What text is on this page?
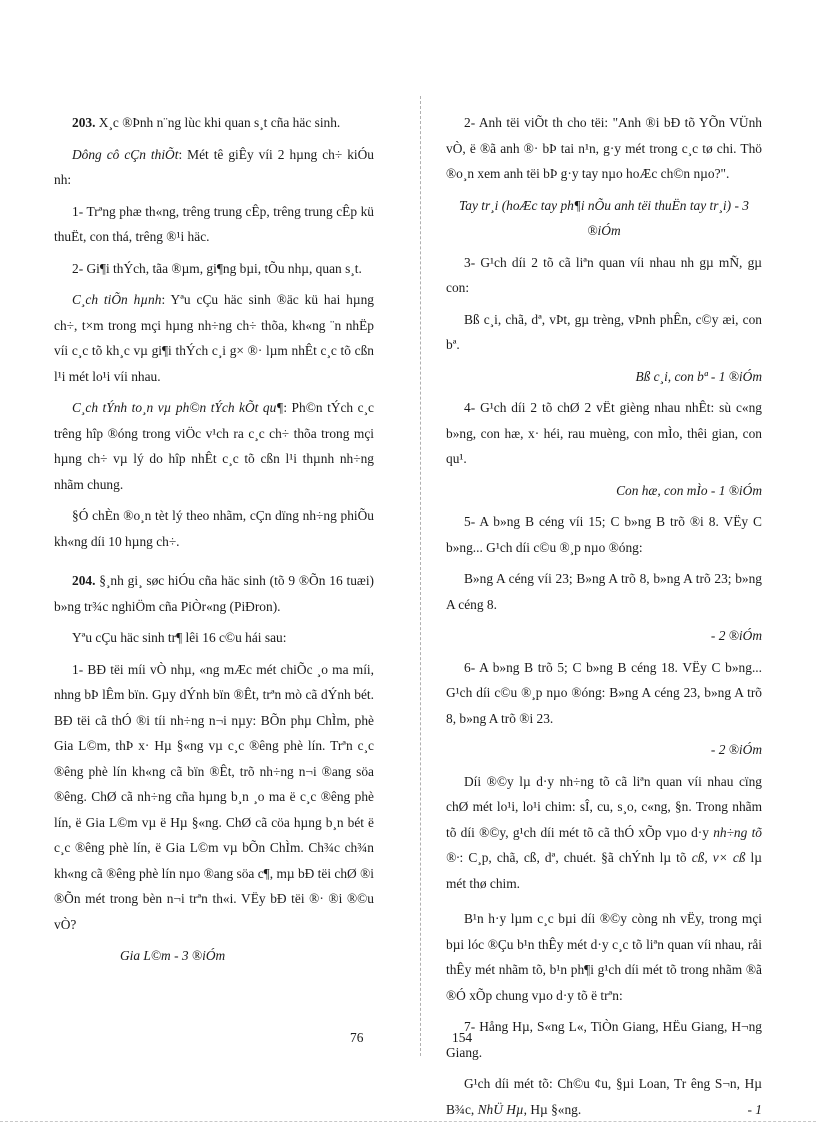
203. X¸c ®Þnh n¨ng lùc khi quan s¸t cña häc sinh.

Dông cô cÇn thiÕt: Mét tê giÊy víi 2 hµng ch÷ kiÓu nh:

1- Trªng phæ th«ng, trêng trung cÊp, trêng trung cÊp kü thuËt, con thá, trêng ®¹i häc.

2- Gi¶i thÝch, tãa ®µm, gi¶ng bµi, tÕu nhµ, quan s¸t.

C¸ch tiÕn hµnh: Yªu cÇu häc sinh ®äc kü hai hµng ch÷, t×m trong mçi hµng nh÷ng ch÷ thõa, kh«ng ¨n nhËp víi c¸c tõ kh¸c vµ gi¶i thÝch c¸i g× ®· lµm nhÊt c¸c tõ cßn l¹i mét lo¹i víi nhau.

C¸ch tÝnh to¸n vµ ph©n tÝch kÕt qu¶: Ph©n tÝch c¸c trêng hîp ®óng trong viÖc v¹ch ra c¸c ch÷ thõa trong mçi hµng ch÷ vµ lý do hîp nhÊt c¸c tõ cßn l¹i thµnh nh÷ng nhãm chung.

§Ó chÈn ®o¸n tèt lý theo nhãm, cÇn dïng nh÷ng phiÕu kh«ng díi 10 hµng ch÷.

204. §¸nh gi¸ søc hiÓu cña häc sinh (tõ 9 ®Õn 16 tuæi) b»ng tr¾c nghiÖm cña PiÒr«ng (PiÐron).

Yªu cÇu häc sinh tr¶ lêi 16 c©u hái sau:

1- BÐ tëi míi vÒ nhµ, «ng mÆc mét chiÕc ¸o ma míi, nhng bÞ lÊm bïn. Gµy dÝnh bïn ®Êt, trªn mò cã dÝnh bét. BÐ tëi cã thÓ ®i tíi nh÷ng n¬i nµy: BÕn phµ ChÌm, phè Gia L©m, thÞ x· Hµ §«ng vµ c¸c ®êng phè lín. Trªn c¸c ®êng phè lín kh«ng cã bïn ®Êt, trõ nh÷ng n¬i ®ang söa ®êng. ChØ cã nh÷ng cña hµng b¸n ¸o ma ë c¸c ®êng phè lín, ë Gia L©m vµ ë Hµ §«ng. ChØ cã cöa hµng b¸n bét ë c¸c ®êng phè lín, ë Gia L©m vµ bÕn ChÌm. Ch¾c ch¾n kh«ng cã ®êng phè lín nµo ®ang söa c¶, mµ bÐ tëi chØ ®i ®Õn mét trong bèn n¬i trªn th«i. VËy bÐ tëi ®· ®i ®©u vÒ?

Gia L©m - 3 ®iÓm

2- Anh tëi viÕt th cho tëi: "Anh ®i bÐ tõ YÕn VÜnh vÒ, ë ®ã anh ®· bÞ tai n¹n, g·y mét trong c¸c tø chi. Thö ®o¸n xem anh tëi bÞ g·y tay nµo hoÆc ch©n nµo?".

Tay tr¸i (hoÆc tay ph¶i nÕu anh tëi thuËn tay tr¸i) - 3 ®iÓm

3- G¹ch díi 2 tõ cã liªn quan víi nhau nh gµ mÑ, gµ con:

Bß c¸i, chã, dª, vÞt, gµ trèng, vÞnh phÊn, c©y æi, con bª.

Bß c¸i, con bª - 1 ®iÓm

4- G¹ch díi 2 tõ chØ 2 vËt gièng nhau nhÊt: sù c«ng b»ng, con hæ, x· héi, rau muèng, con mÌo, thêi gian, con qu¹.

Con hæ, con mÌo - 1 ®iÓm

5- A b»ng B céng víi 15; C b»ng B trõ ®i 8. VËy C b»ng... G¹ch díi c©u ®¸p nµo ®óng:

B»ng A céng víi 23; B»ng A trõ 8, b»ng A trõ 23; b»ng A céng 8.

- 2 ®iÓm

6- A b»ng B trõ 5; C b»ng B céng 18. VËy C b»ng... G¹ch díi c©u ®¸p nµo ®óng: B»ng A céng 23, b»ng A trõ 8, b»ng A trõ ®i 23.

- 2 ®iÓm

Díi ®©y lµ d·y nh÷ng tõ cã liªn quan víi nhau cïng chØ mét lo¹i, lo¹i chim: sÎ, cu, s¸o, c«ng, §n. Trong nhãm tõ díi ®©y, g¹ch díi mét tõ cã thÓ xÕp vµo d·y nh÷ng tõ ®·: C¸p, chã, cß, dª, chuét. §ã chÝnh lµ tõ cß, v× cß lµ mét thø chim.

B¹n h·y lµm c¸c bµi díi ®©y còng nh vËy, trong mçi bµi lóc ®Çu b¹n thÊy mét d·y c¸c tõ liªn quan víi nhau, råi thÊy mét nhãm tõ, b¹n ph¶i g¹ch díi mét tõ trong nhãm ®ã ®Ó xÕp chung vµo d·y tõ ë trªn:

7- Hång Hµ, S«ng L«, TiÒn Giang, HËu Giang, H¬ng Giang.

G¹ch díi mét tõ: Ch©u ¢u, §µi Loan, Tr êng S¬n, Hµ B¾c, NhÜ Hµ, Hµ §«ng.	- 1

76	154
